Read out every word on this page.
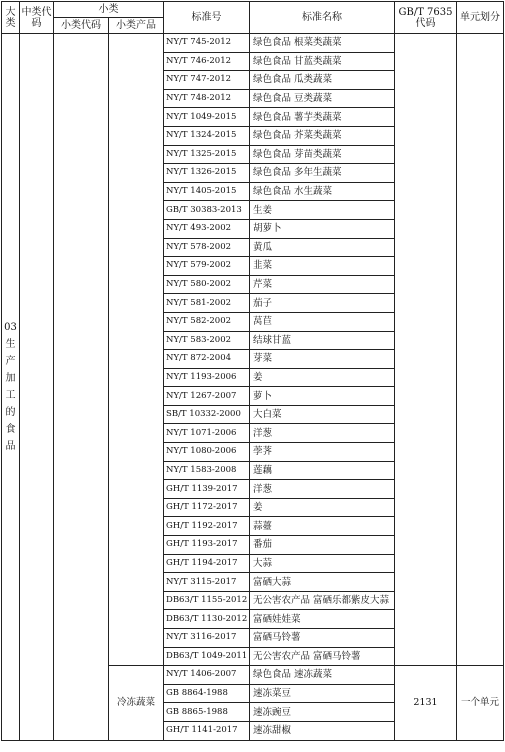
大类	中类代码	小类		标准号	标准名称	GB/T 7635代码	单元划分
		小类代码	小类产品				
03生产加工的食品				NY/T 745-2012	绿色食品 根菜类蔬菜		
				NY/T 746-2012	绿色食品 甘蓝类蔬菜		
				NY/T 747-2012	绿色食品 瓜类蔬菜		
				NY/T 748-2012	绿色食品 豆类蔬菜		
				NY/T 1049-2015	绿色食品 薯芋类蔬菜		
				NY/T 1324-2015	绿色食品 芥菜类蔬菜		
				NY/T 1325-2015	绿色食品 芽苗类蔬菜		
				NY/T 1326-2015	绿色食品 多年生蔬菜		
				NY/T 1405-2015	绿色食品 水生蔬菜		
				GB/T 30383-2013	生姜		
				NY/T 493-2002	胡萝卜		
				NY/T 578-2002	黄瓜		
				NY/T 579-2002	韭菜		
				NY/T 580-2002	芹菜		
				NY/T 581-2002	茄子		
				NY/T 582-2002	莴苣		
				NY/T 583-2002	结球甘蓝		
				NY/T 872-2004	芽菜		
				NY/T 1193-2006	姜		
				NY/T 1267-2007	萝卜		
				SB/T 10332-2000	大白菜		
				NY/T 1071-2006	洋葱		
				NY/T 1080-2006	荸荠		
				NY/T 1583-2008	莲藕		
				GH/T 1139-2017	洋葱		
				GH/T 1172-2017	姜		
				GH/T 1192-2017	蒜薹		
				GH/T 1193-2017	番茄		
				GH/T 1194-2017	大蒜		
				NY/T 3115-2017	富硒大蒜		
				DB63/T 1155-2012	无公害农产品 富硒乐都紫皮大蒜		
				DB63/T 1130-2012	富硒娃娃菜		
				NY/T 3116-2017	富硒马铃薯		
				DB63/T 1049-2011	无公害农产品 富硒马铃薯		
			冷冻蔬菜	NY/T 1406-2007	绿色食品 速冻蔬菜	2131	一个单元
				GB 8864-1988	速冻菜豆		
				GB 8865-1988	速冻豌豆		
				GH/T 1141-2017	速冻甜椒		
